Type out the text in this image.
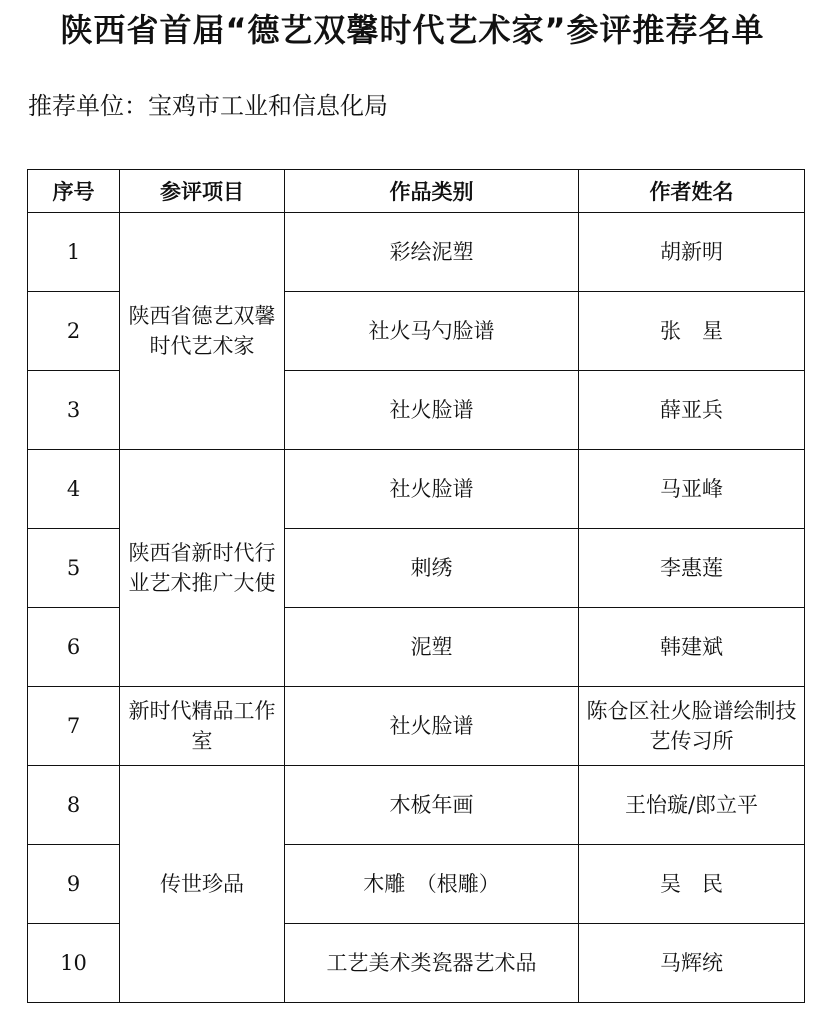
陕西省首届“德艺双馨时代艺术家”参评推荐名单
推荐单位：宝鸡市工业和信息化局
序号	参评项目	作品类别	作者姓名
1	陕西省德艺双馨时代艺术家	彩绘泥塑	胡新明
2		社火马勺脸谱	张　星
3		社火脸谱	薛亚兵
4	陕西省新时代行业艺术推广大使	社火脸谱	马亚峰
5		刺绣	李惠莲
6		泥塑	韩建斌
7	新时代精品工作室	社火脸谱	陈仓区社火脸谱绘制技艺传习所
8	传世珍品	木板年画	王怡璇/郎立平
9		木雕　（根雕）	吴　民
10		工艺美术类瓷器艺术品	马辉统
